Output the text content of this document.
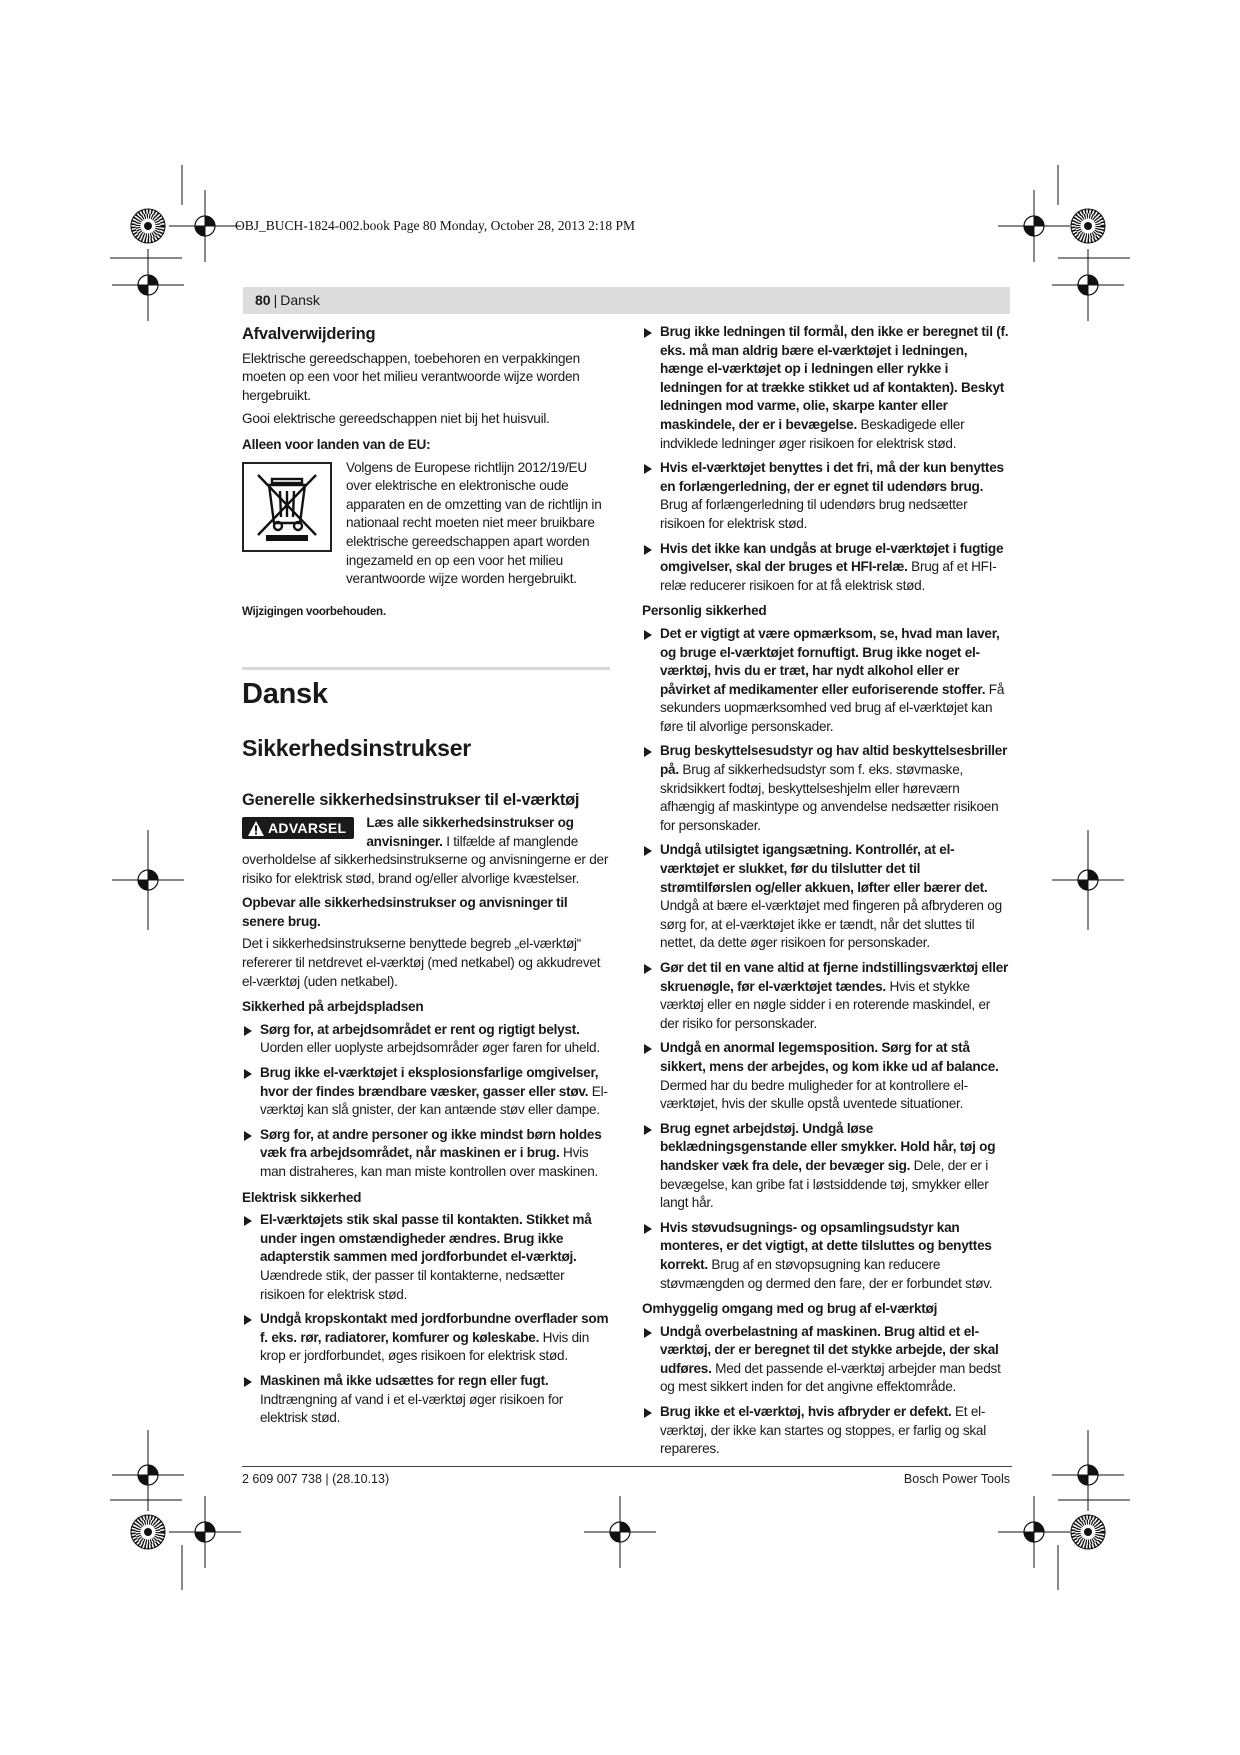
OBJ_BUCH-1824-002.book Page 80 Monday, October 28, 2013 2:18 PM
80 | Dansk
Afvalverwijdering

Elektrische gereedschappen, toebehoren en verpakkingen moeten op een voor het milieu verantwoorde wijze worden hergebruikt.

Gooi elektrische gereedschappen niet bij het huisvuil.

Alleen voor landen van de EU:
Volgens de Europese richtlijn 2012/19/EU over elektrische en elektronische oude apparaten en de omzetting van de richtlijn in nationaal recht moeten niet meer bruikbare elektrische gereedschappen apart worden ingezameld en op een voor het milieu verantwoorde wijze worden hergebruikt.
Wijzigingen voorbehouden.
Dansk
Sikkerhedsinstrukser
Generelle sikkerhedsinstrukser til el-værktøj
ADVARSEL	Læs alle sikkerhedsinstrukser og anvisninger. I tilfælde af manglende overholdelse af sikkerhedsinstrukserne og anvisningerne er der risiko for elektrisk stød, brand og/eller alvorlige kvæstelser.
Opbevar alle sikkerhedsinstrukser og anvisninger til senere brug.

Det i sikkerhedsinstrukserne benyttede begreb „el-værktøj“ refererer til netdrevet el-værktøj (med netkabel) og akkudrevet el-værktøj (uden netkabel).

Sikkerhed på arbejdspladsen
Sørg for, at arbejdsområdet er rent og rigtigt belyst. Uorden eller uoplyste arbejdsområder øger faren for uheld.
Brug ikke el-værktøjet i eksplosionsfarlige omgivelser, hvor der findes brændbare væsker, gasser eller støv. El-værktøj kan slå gnister, der kan antænde støv eller dampe.
Sørg for, at andre personer og ikke mindst børn holdes væk fra arbejdsområdet, når maskinen er i brug. Hvis man distraheres, kan man miste kontrollen over maskinen.
Elektrisk sikkerhed
El-værktøjets stik skal passe til kontakten. Stikket må under ingen omstændigheder ændres. Brug ikke adapterstik sammen med jordforbundet el-værktøj. Uændrede stik, der passer til kontakterne, nedsætter risikoen for elektrisk stød.
Undgå kropskontakt med jordforbundne overflader som f. eks. rør, radiatorer, komfurer og køleskabe. Hvis din krop er jordforbundet, øges risikoen for elektrisk stød.
Maskinen må ikke udsættes for regn eller fugt. Indtrængning af vand i et el-værktøj øger risikoen for elektrisk stød.
Brug ikke ledningen til formål, den ikke er beregnet til (f. eks. må man aldrig bære el-værktøjet i ledningen, hænge el-værktøjet op i ledningen eller rykke i ledningen for at trække stikket ud af kontakten). Beskyt ledningen mod varme, olie, skarpe kanter eller maskindele, der er i bevægelse. Beskadigede eller indviklede ledninger øger risikoen for elektrisk stød.
Hvis el-værktøjet benyttes i det fri, må der kun benyttes en forlængerledning, der er egnet til udendørs brug. Brug af forlængerledning til udendørs brug nedsætter risikoen for elektrisk stød.
Hvis det ikke kan undgås at bruge el-værktøjet i fugtige omgivelser, skal der bruges et HFI-relæ. Brug af et HFI-relæ reducerer risikoen for at få elektrisk stød.
Personlig sikkerhed
Det er vigtigt at være opmærksom, se, hvad man laver, og bruge el-værktøjet fornuftigt. Brug ikke noget el-værktøj, hvis du er træt, har nydt alkohol eller er påvirket af medikamenter eller euforiserende stoffer. Få sekunders uopmærksomhed ved brug af el-værktøjet kan føre til alvorlige personskader.
Brug beskyttelsesudstyr og hav altid beskyttelsesbriller på. Brug af sikkerhedsudstyr som f. eks. støvmaske, skridsikkert fodtøj, beskyttelseshjelm eller høreværn afhængig af maskintype og anvendelse nedsætter risikoen for personskader.
Undgå utilsigtet igangsætning. Kontrollér, at el-værktøjet er slukket, før du tilslutter det til strømtilførslen og/eller akkuen, løfter eller bærer det. Undgå at bære el-værktøjet med fingeren på afbryderen og sørg for, at el-værktøjet ikke er tændt, når det sluttes til nettet, da dette øger risikoen for personskader.
Gør det til en vane altid at fjerne indstillingsværktøj eller skruenøgle, før el-værktøjet tændes. Hvis et stykke værktøj eller en nøgle sidder i en roterende maskindel, er der risiko for personskader.
Undgå en anormal legemsposition. Sørg for at stå sikkert, mens der arbejdes, og kom ikke ud af balance. Dermed har du bedre muligheder for at kontrollere el-værktøjet, hvis der skulle opstå uventede situationer.
Brug egnet arbejdstøj. Undgå løse beklædningsgenstande eller smykker. Hold hår, tøj og handsker væk fra dele, der bevæger sig. Dele, der er i bevægelse, kan gribe fat i løstsiddende tøj, smykker eller langt hår.
Hvis støvudsugnings- og opsamlingsudstyr kan monteres, er det vigtigt, at dette tilsluttes og benyttes korrekt. Brug af en støvopsugning kan reducere støvmængden og dermed den fare, der er forbundet støv.
Omhyggelig omgang med og brug af el-værktøj
Undgå overbelastning af maskinen. Brug altid et el-værktøj, der er beregnet til det stykke arbejde, der skal udføres. Med det passende el-værktøj arbejder man bedst og mest sikkert inden for det angivne effektområde.
Brug ikke et el-værktøj, hvis afbryder er defekt. Et el-værktøj, der ikke kan startes og stoppes, er farlig og skal repareres.
2 609 007 738 | (28.10.13)	Bosch Power Tools
